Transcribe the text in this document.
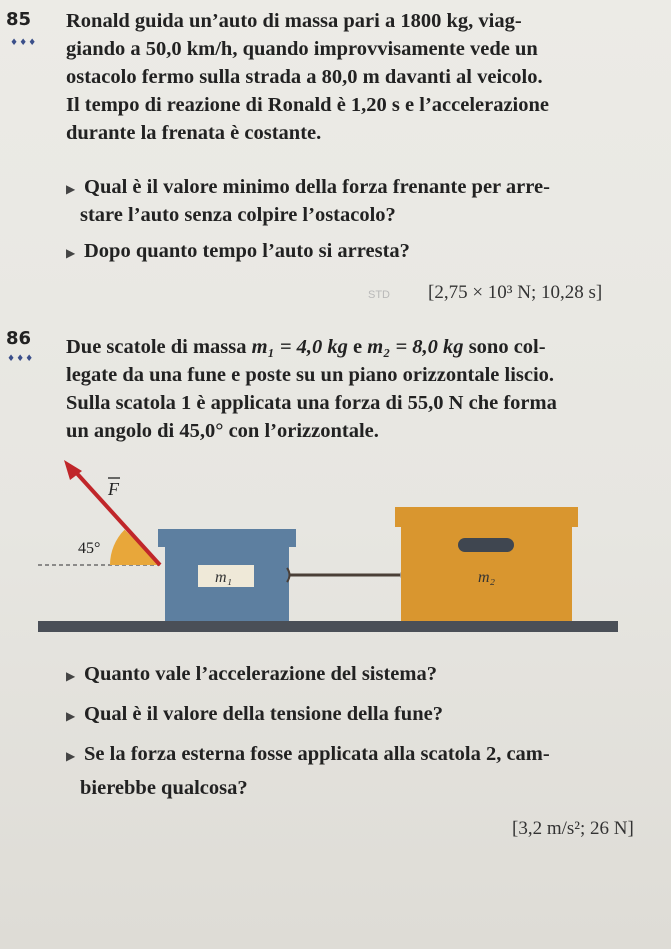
85
♦♦♦
Ronald guida un’auto di massa pari a 1800 kg, viag-
giando a 50,0 km/h, quando improvvisamente vede un
ostacolo fermo sulla strada a 80,0 m davanti al veicolo.
Il tempo di reazione di Ronald è 1,20 s e l’accelerazione
durante la frenata è costante.
▶ Qual è il valore minimo della forza frenante per arre-
stare l’auto senza colpire l’ostacolo?
▶ Dopo quanto tempo l’auto si arresta?
STD [2,75 × 10³ N; 10,28 s]
86
♦♦♦
Due scatole di massa m₁ = 4,0 kg e m₂ = 8,0 kg sono col-
legate da una fune e poste su un piano orizzontale liscio.
Sulla scatola 1 è applicata una forza di 55,0 N che forma
un angolo di 45,0° con l’orizzontale.
45°
F
m₁	m₂
▶ Quanto vale l’accelerazione del sistema?
▶ Qual è il valore della tensione della fune?
▶ Se la forza esterna fosse applicata alla scatola 2, cam-
bierebbe qualcosa?
[3,2 m/s²; 26 N]
